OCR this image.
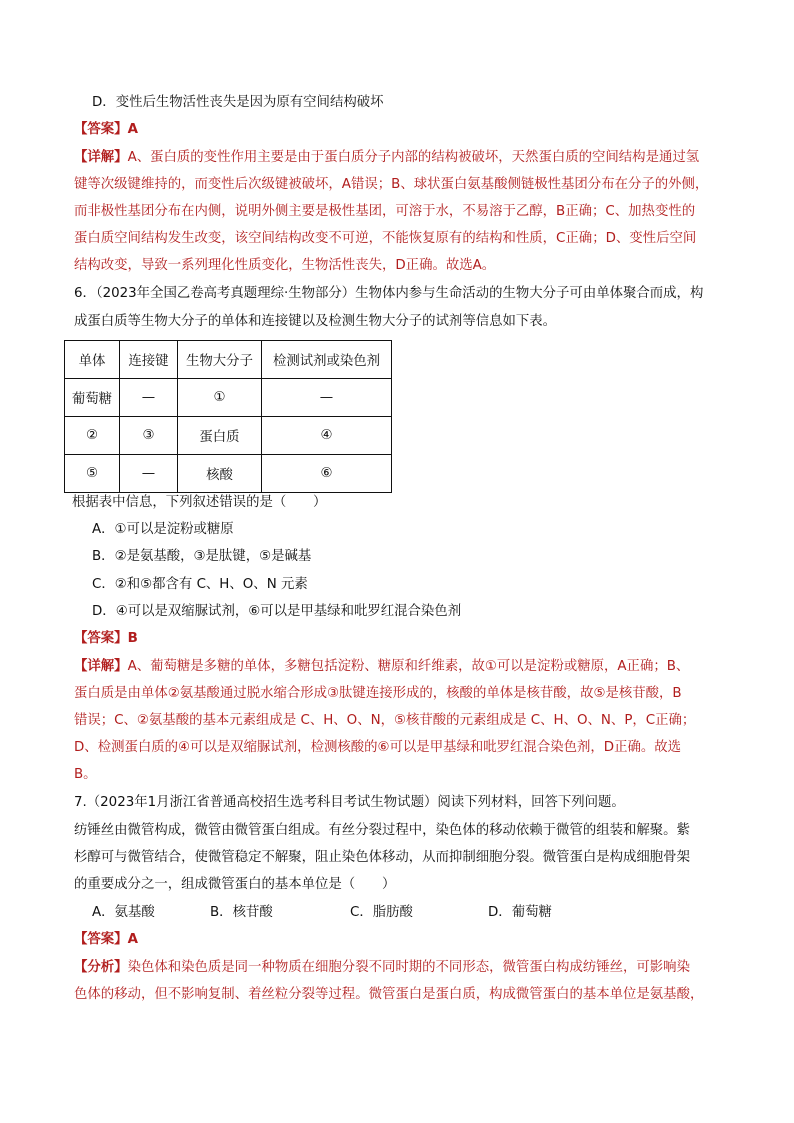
D．变性后生物活性丧失是因为原有空间结构破坏
【答案】A
【详解】A、蛋白质的变性作用主要是由于蛋白质分子内部的结构被破坏，天然蛋白质的空间结构是通过氢
键等次级键维持的，而变性后次级键被破坏，A错误；B、球状蛋白氨基酸侧链极性基团分布在分子的外侧，
而非极性基团分布在内侧，说明外侧主要是极性基团，可溶于水，不易溶于乙醇，B正确；C、加热变性的
蛋白质空间结构发生改变，该空间结构改变不可逆，不能恢复原有的结构和性质，C正确；D、变性后空间
结构改变，导致一系列理化性质变化，生物活性丧失，D正确。故选A。
6．（2023年全国乙卷高考真题理综·生物部分）生物体内参与生命活动的生物大分子可由单体聚合而成，构
成蛋白质等生物大分子的单体和连接键以及检测生物大分子的试剂等信息如下表。
单体	连接键	生物大分子	检测试剂或染色剂
葡萄糖	—	①	—
②	③	蛋白质	④
⑤	—	核酸	⑥
根据表中信息，下列叙述错误的是（　　）
A．①可以是淀粉或糖原
B．②是氨基酸，③是肽键，⑤是碱基
C．②和⑤都含有 C、H、O、N 元素
D．④可以是双缩脲试剂，⑥可以是甲基绿和吡罗红混合染色剂
【答案】B
【详解】A、葡萄糖是多糖的单体，多糖包括淀粉、糖原和纤维素，故①可以是淀粉或糖原，A正确；B、
蛋白质是由单体②氨基酸通过脱水缩合形成③肽键连接形成的，核酸的单体是核苷酸，故⑤是核苷酸，B
错误；C、②氨基酸的基本元素组成是 C、H、O、N，⑤核苷酸的元素组成是 C、H、O、N、P，C正确；
D、检测蛋白质的④可以是双缩脲试剂，检测核酸的⑥可以是甲基绿和吡罗红混合染色剂，D正确。故选
B。
7.（2023年1月浙江省普通高校招生选考科目考试生物试题）阅读下列材料，回答下列问题。
纺锤丝由微管构成，微管由微管蛋白组成。有丝分裂过程中，染色体的移动依赖于微管的组装和解聚。紫
杉醇可与微管结合，使微管稳定不解聚，阻止染色体移动，从而抑制细胞分裂。微管蛋白是构成细胞骨架
的重要成分之一，组成微管蛋白的基本单位是（　　）
A．氨基酸	B．核苷酸	C．脂肪酸	D．葡萄糖
【答案】A
【分析】染色体和染色质是同一种物质在细胞分裂不同时期的不同形态，微管蛋白构成纺锤丝，可影响染
色体的移动，但不影响复制、着丝粒分裂等过程。微管蛋白是蛋白质，构成微管蛋白的基本单位是氨基酸，
